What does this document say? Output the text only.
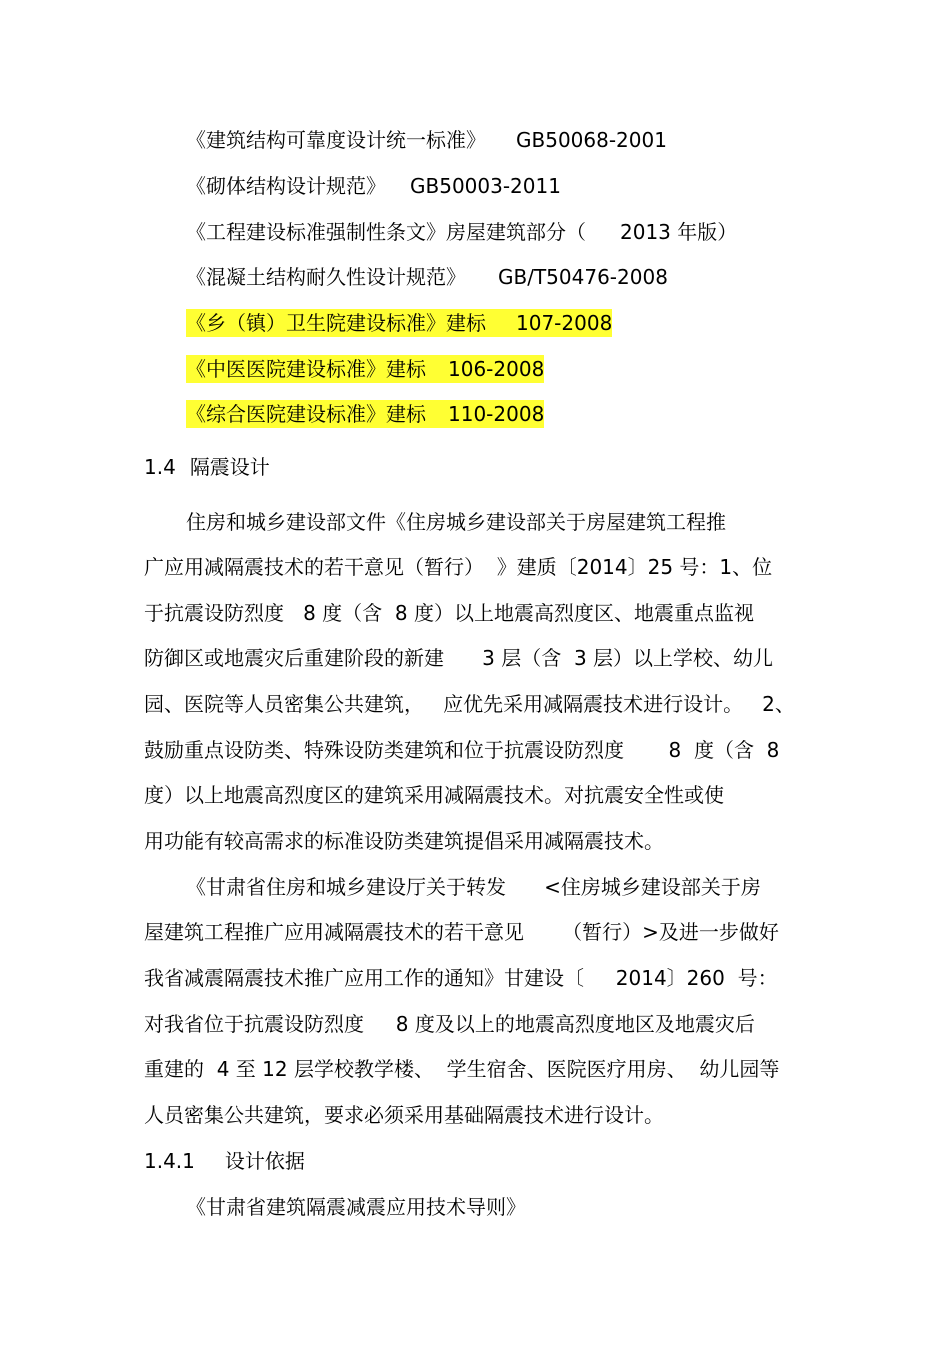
《建筑结构可靠度设计统一标准》 GB50068-2001
《砌体结构设计规范》 GB50003-2011
《工程建设标准强制性条文》房屋建筑部分（ 2013 年版）
《混凝土结构耐久性设计规范》 GB/T50476-2008
《乡（镇）卫生院建设标准》建标 107-2008
《中医医院建设标准》建标 106-2008
《综合医院建设标准》建标 110-2008
1.4 隔震设计
住房和城乡建设部文件《住房城乡建设部关于房屋建筑工程推
广应用减隔震技术的若干意见（暂行）  》建质〔2014〕25 号：1、位
于抗震设防烈度   8 度（含  8 度）以上地震高烈度区、地震重点监视
防御区或地震灾后重建阶段的新建      3 层（含  3 层）以上学校、幼儿
园、医院等人员密集公共建筑，   应优先采用减隔震技术进行设计。   2、
鼓励重点设防类、特殊设防类建筑和位于抗震设防烈度       8  度（含  8
度）以上地震高烈度区的建筑采用减隔震技术。对抗震安全性或使
用功能有较高需求的标准设防类建筑提倡采用减隔震技术。
《甘肃省住房和城乡建设厅关于转发      <住房城乡建设部关于房
屋建筑工程推广应用减隔震技术的若干意见      （暂行）>及进一步做好
我省减震隔震技术推广应用工作的通知》甘建设〔     2014〕260  号：
对我省位于抗震设防烈度     8 度及以上的地震高烈度地区及地震灾后
重建的  4 至 12 层学校教学楼、  学生宿舍、医院医疗用房、  幼儿园等
人员密集公共建筑，要求必须采用基础隔震技术进行设计。
1.4.1 设计依据
《甘肃省建筑隔震减震应用技术导则》
